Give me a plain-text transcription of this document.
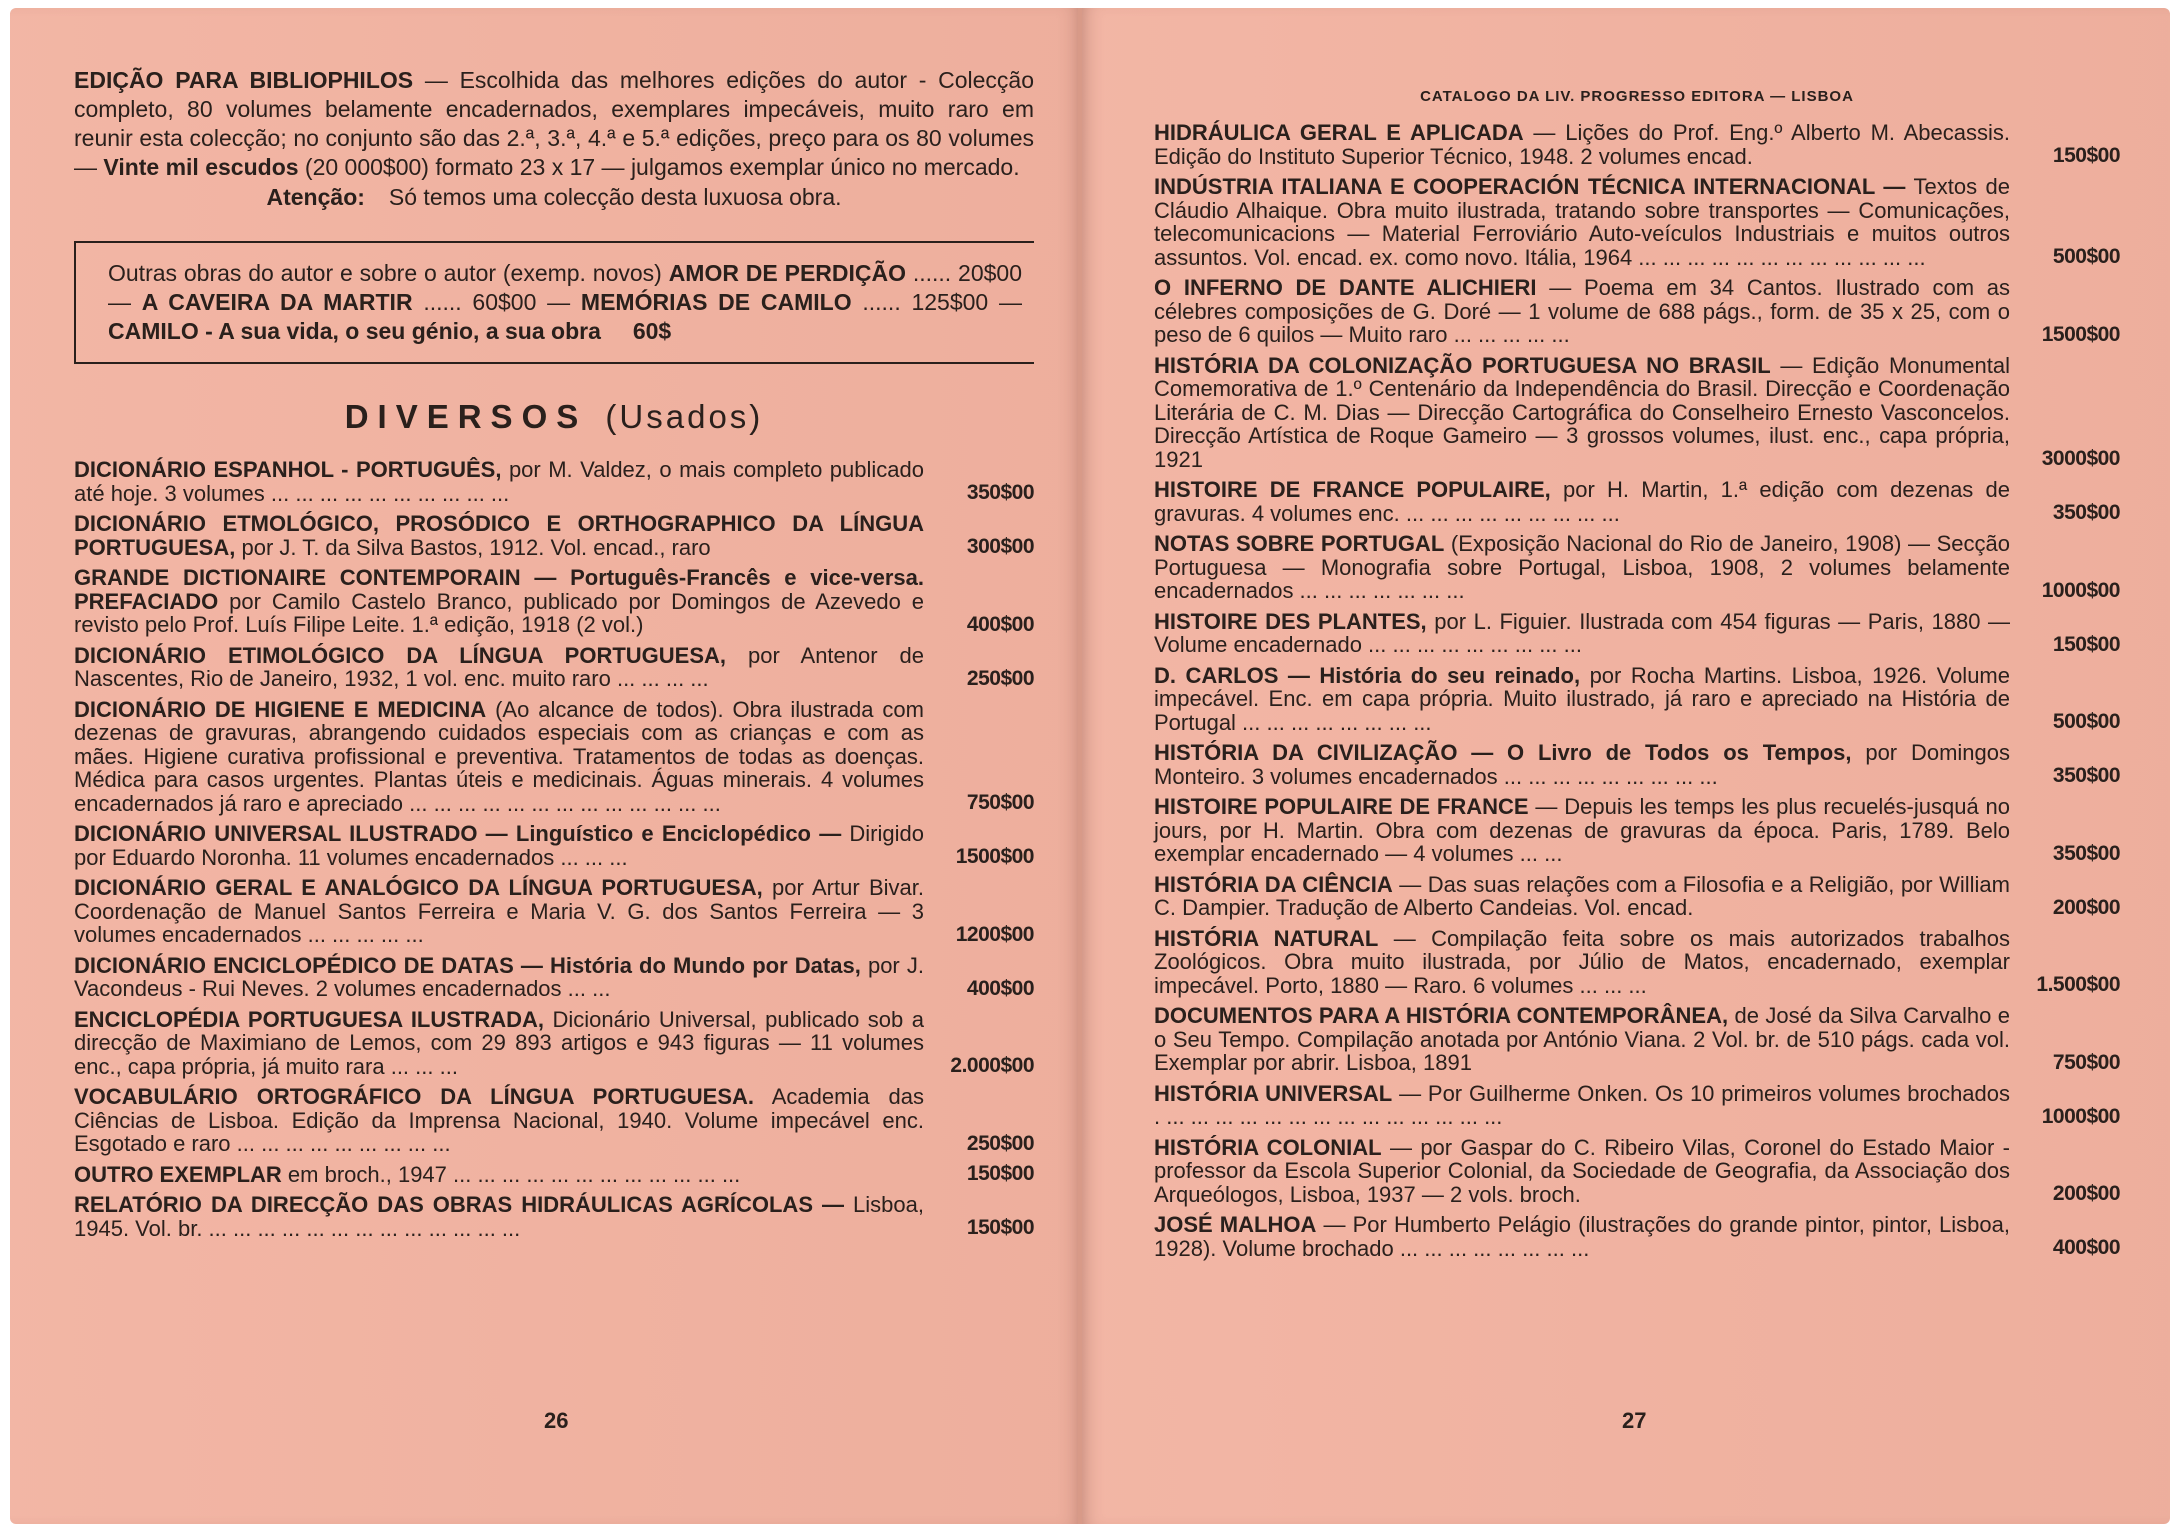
EDIÇÃO PARA BIBLIOPHILOS — Escolhida das melhores edições do autor - Colecção completo, 80 volumes belamente encadernados, exemplares impecáveis, muito raro em reunir esta colecção; no conjunto são das 2.ª, 3.ª, 4.ª e 5.ª edições, preço para os 80 volumes — Vinte mil escudos (20 000$00) formato 23 x 17 — julgamos exemplar único no mercado.
Atenção: Só temos uma colecção desta luxuosa obra.
Outras obras do autor e sobre o autor (exemp. novos) AMOR DE PERDIÇÃO ...... 20$00 — A CAVEIRA DA MARTIR ...... 60$00 — MEMÓRIAS DE CAMILO ...... 125$00 — CAMILO - A sua vida, o seu génio, a sua obra 60$
DIVERSOS (Usados)
DICIONÁRIO ESPANHOL - PORTUGUÊS, por M. Valdez, o mais completo publicado até hoje. 3 volumes ... ... ... ... ... ... ... ... ... ...	350$00
DICIONÁRIO ETMOLÓGICO, PROSÓDICO E ORTHOGRAPHICO DA LÍNGUA PORTUGUESA, por J. T. da Silva Bastos, 1912. Vol. encad., raro	300$00
GRANDE DICTIONAIRE CONTEMPORAIN — Português-Francês e vice-versa. PREFACIADO por Camilo Castelo Branco, publicado por Domingos de Azevedo e revisto pelo Prof. Luís Filipe Leite. 1.ª edição, 1918 (2 vol.)	400$00
DICIONÁRIO ETIMOLÓGICO DA LÍNGUA PORTUGUESA, por Antenor de Nascentes, Rio de Janeiro, 1932, 1 vol. enc. muito raro ... ... ... ...	250$00
DICIONÁRIO DE HIGIENE E MEDICINA (Ao alcance de todos). Obra ilustrada com dezenas de gravuras, abrangendo cuidados especiais com as crianças e com as mães. Higiene curativa profissional e preventiva. Tratamentos de todas as doenças. Médica para casos urgentes. Plantas úteis e medicinais. Águas minerais. 4 volumes encadernados já raro e apreciado ... ... ... ... ... ... ... ... ... ... ... ... ...	750$00
DICIONÁRIO UNIVERSAL ILUSTRADO — Linguístico e Enciclopédico — Dirigido por Eduardo Noronha. 11 volumes encadernados ... ... ...	1500$00
DICIONÁRIO GERAL E ANALÓGICO DA LÍNGUA PORTUGUESA, por Artur Bivar. Coordenação de Manuel Santos Ferreira e Maria V. G. dos Santos Ferreira — 3 volumes encadernados ... ... ... ... ...	1200$00
DICIONÁRIO ENCICLOPÉDICO DE DATAS — História do Mundo por Datas, por J. Vacondeus - Rui Neves. 2 volumes encadernados ... ...	400$00
ENCICLOPÉDIA PORTUGUESA ILUSTRADA, Dicionário Universal, publicado sob a direcção de Maximiano de Lemos, com 29 893 artigos e 943 figuras — 11 volumes enc., capa própria, já muito rara ... ... ...	2.000$00
VOCABULÁRIO ORTOGRÁFICO DA LÍNGUA PORTUGUESA. Academia das Ciências de Lisboa. Edição da Imprensa Nacional, 1940. Volume impecável enc. Esgotado e raro ... ... ... ... ... ... ... ... ...	250$00
OUTRO EXEMPLAR em broch., 1947 ... ... ... ... ... ... ... ... ... ... ... ...	150$00
RELATÓRIO DA DIRECÇÃO DAS OBRAS HIDRÁULICAS AGRÍCOLAS — Lisboa, 1945. Vol. br. ... ... ... ... ... ... ... ... ... ... ... ... ...	150$00
26
CATALOGO DA LIV. PROGRESSO EDITORA — LISBOA
HIDRÁULICA GERAL E APLICADA — Lições do Prof. Eng.º Alberto M. Abecassis. Edição do Instituto Superior Técnico, 1948. 2 volumes encad.	150$00
INDÚSTRIA ITALIANA E COOPERACIÓN TÉCNICA INTERNACIONAL — Textos de Cláudio Alhaique. Obra muito ilustrada, tratando sobre transportes — Comunicações, telecomunicacions — Material Ferroviário Auto-veículos Industriais e muitos outros assuntos. Vol. encad. ex. como novo. Itália, 1964 ... ... ... ... ... ... ... ... ... ... ... ...	500$00
O INFERNO DE DANTE ALICHIERI — Poema em 34 Cantos. Ilustrado com as célebres composições de G. Doré — 1 volume de 688 págs., form. de 35 x 25, com o peso de 6 quilos — Muito raro ... ... ... ... ...	1500$00
HISTÓRIA DA COLONIZAÇÃO PORTUGUESA NO BRASIL — Edição Monumental Comemorativa de 1.º Centenário da Independência do Brasil. Direcção e Coordenação Literária de C. M. Dias — Direcção Cartográfica do Conselheiro Ernesto Vasconcelos. Direcção Artística de Roque Gameiro — 3 grossos volumes, ilust. enc., capa própria, 1921	3000$00
HISTOIRE DE FRANCE POPULAIRE, por H. Martin, 1.ª edição com dezenas de gravuras. 4 volumes enc. ... ... ... ... ... ... ... ... ...	350$00
NOTAS SOBRE PORTUGAL (Exposição Nacional do Rio de Janeiro, 1908) — Secção Portuguesa — Monografia sobre Portugal, Lisboa, 1908, 2 volumes belamente encadernados ... ... ... ... ... ... ...	1000$00
HISTOIRE DES PLANTES, por L. Figuier. Ilustrada com 454 figuras — Paris, 1880 — Volume encadernado ... ... ... ... ... ... ... ... ...	150$00
D. CARLOS — História do seu reinado, por Rocha Martins. Lisboa, 1926. Volume impecável. Enc. em capa própria. Muito ilustrado, já raro e apreciado na História de Portugal ... ... ... ... ... ... ... ...	500$00
HISTÓRIA DA CIVILIZAÇÃO — O Livro de Todos os Tempos, por Domingos Monteiro. 3 volumes encadernados ... ... ... ... ... ... ... ... ...	350$00
HISTOIRE POPULAIRE DE FRANCE — Depuis les temps les plus recuelés-jusquá no jours, por H. Martin. Obra com dezenas de gravuras da época. Paris, 1789. Belo exemplar encadernado — 4 volumes ... ...	350$00
HISTÓRIA DA CIÊNCIA — Das suas relações com a Filosofia e a Religião, por William C. Dampier. Tradução de Alberto Candeias. Vol. encad.	200$00
HISTÓRIA NATURAL — Compilação feita sobre os mais autorizados trabalhos Zoológicos. Obra muito ilustrada, por Júlio de Matos, encadernado, exemplar impecável. Porto, 1880 — Raro. 6 volumes ... ... ...	1.500$00
DOCUMENTOS PARA A HISTÓRIA CONTEMPORÂNEA, de José da Silva Carvalho e o Seu Tempo. Compilação anotada por António Viana. 2 Vol. br. de 510 págs. cada vol. Exemplar por abrir. Lisboa, 1891	750$00
HISTÓRIA UNIVERSAL — Por Guilherme Onken. Os 10 primeiros volumes brochados . ... ... ... ... ... ... ... ... ... ... ... ... ... ...	1000$00
HISTÓRIA COLONIAL — por Gaspar do C. Ribeiro Vilas, Coronel do Estado Maior - professor da Escola Superior Colonial, da Sociedade de Geografia, da Associação dos Arqueólogos, Lisboa, 1937 — 2 vols. broch.	200$00
JOSÉ MALHOA — Por Humberto Pelágio (ilustrações do grande pintor, pintor, Lisboa, 1928). Volume brochado ... ... ... ... ... ... ... ...	400$00
27
